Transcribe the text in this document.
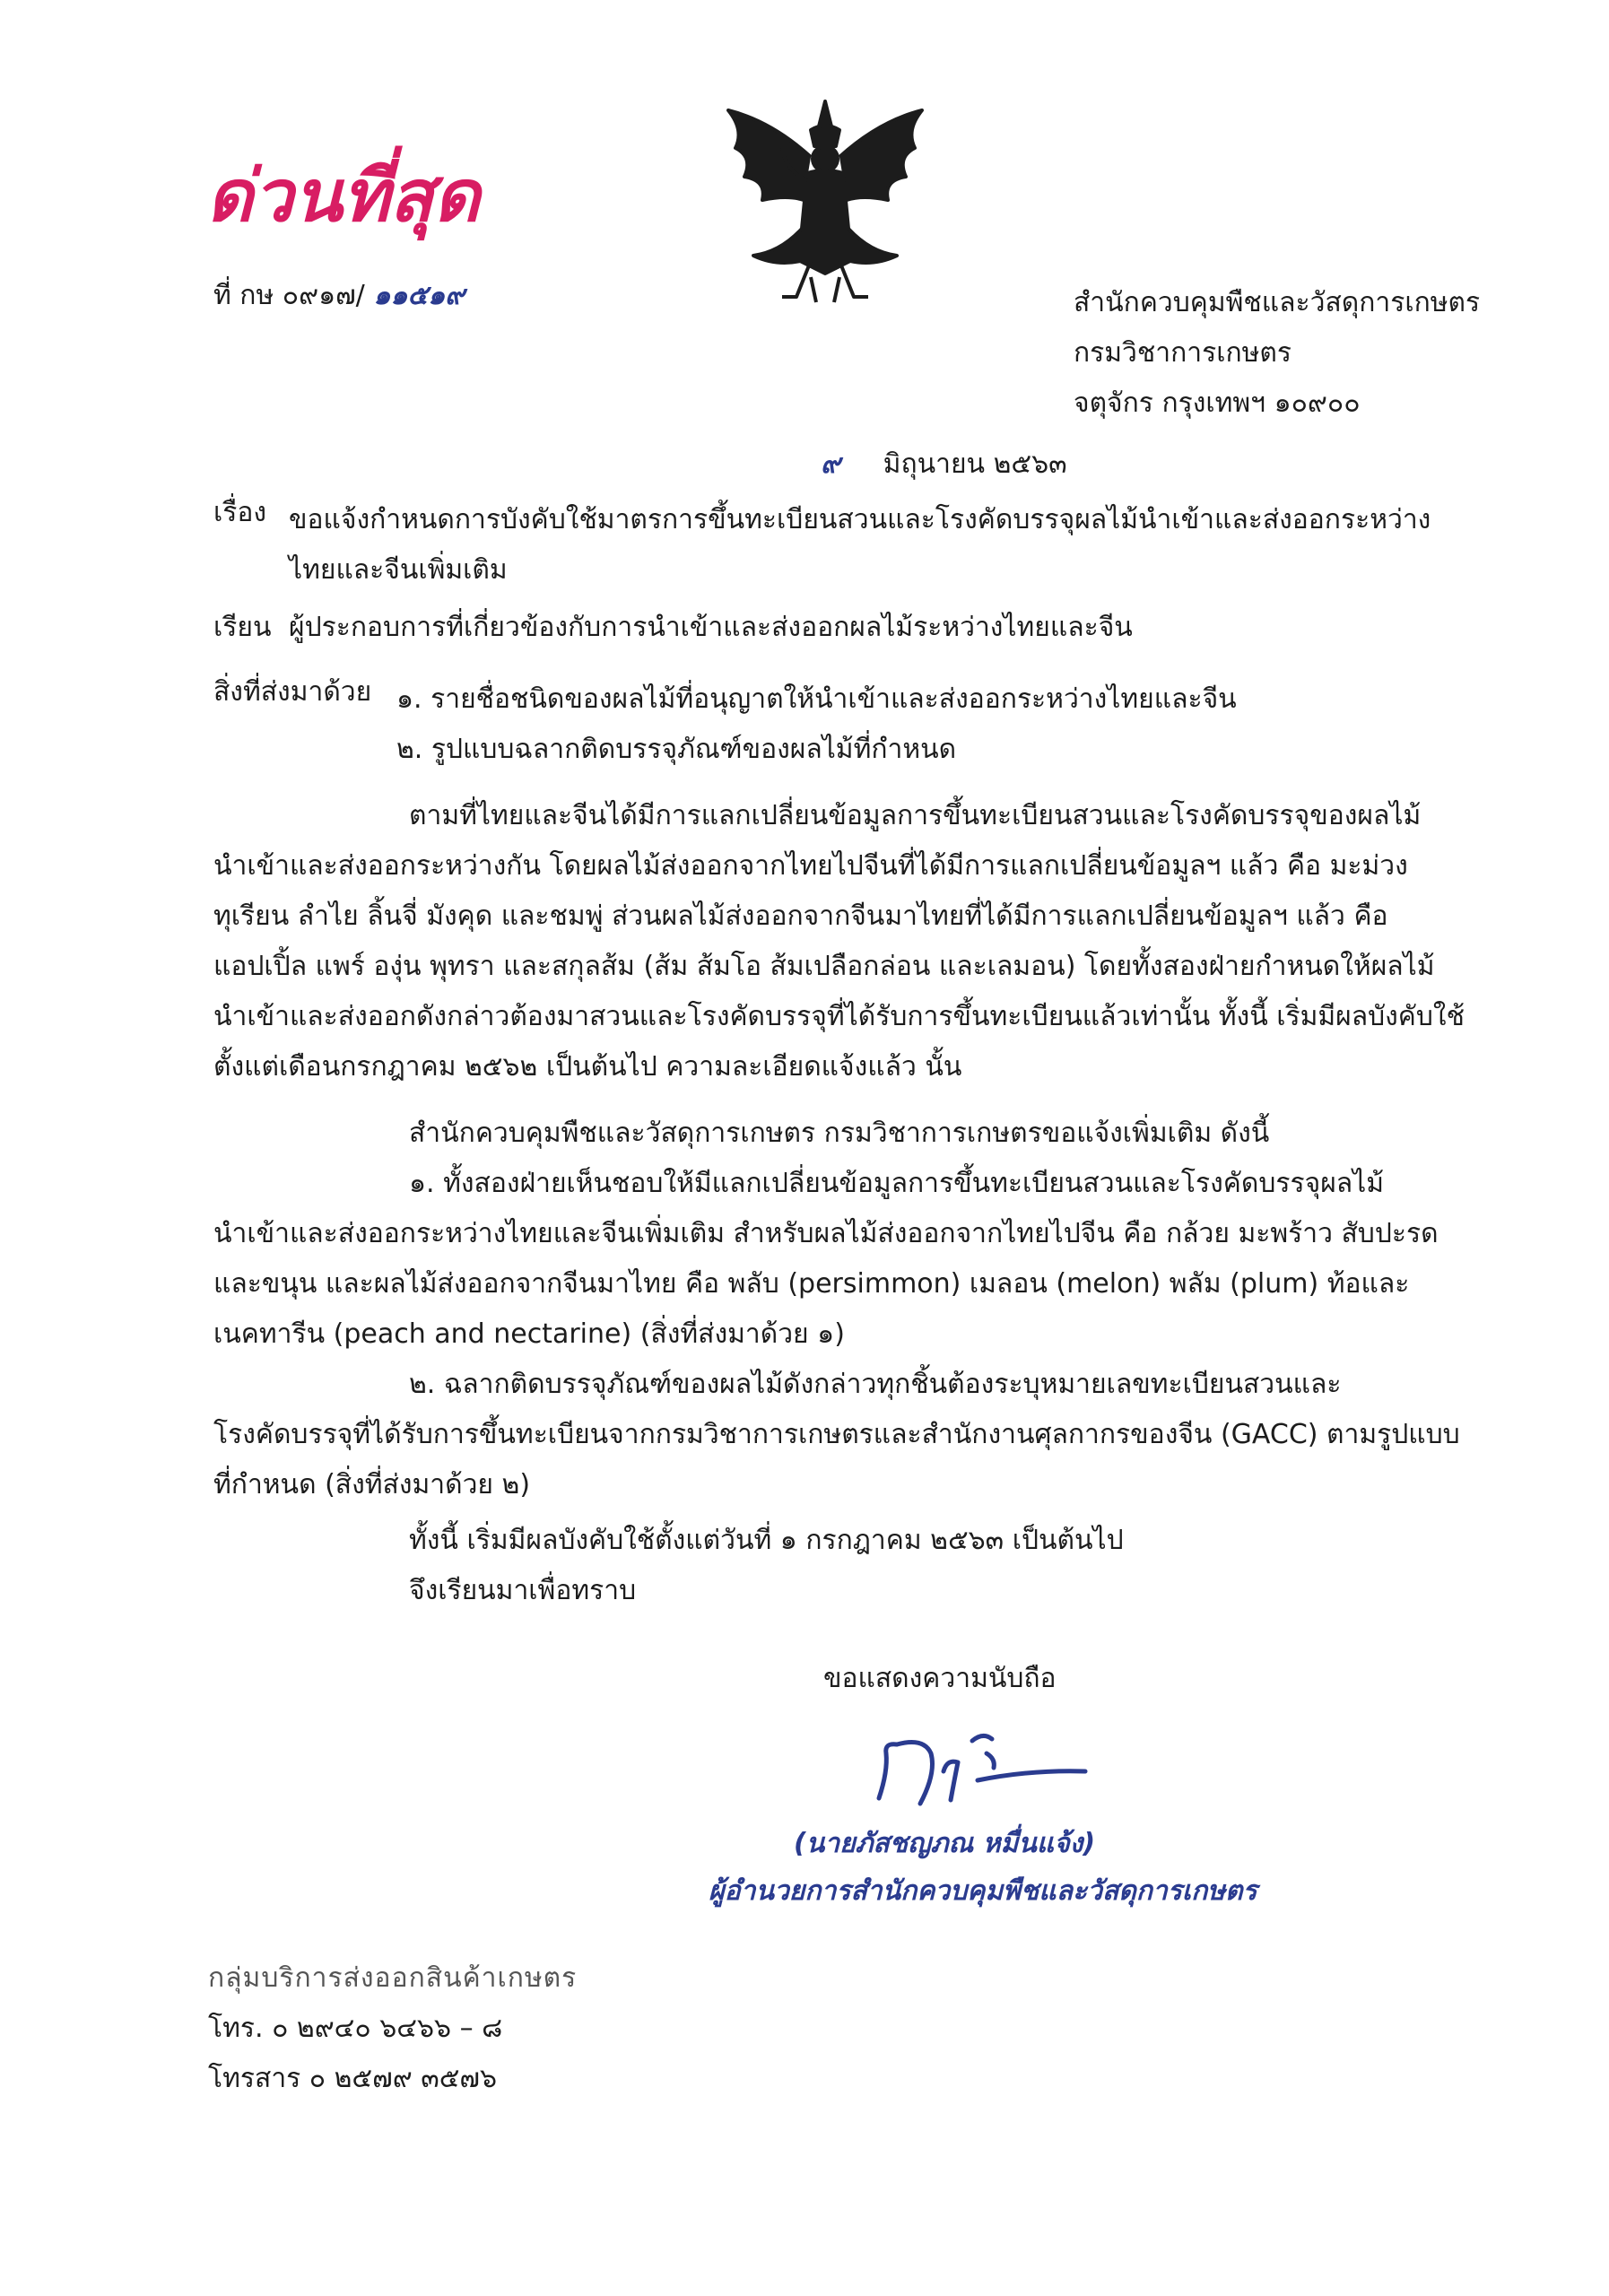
ด่วนที่สุด
ที่ กษ ๐๙๑๗/ ๑๑๕๑๙	สำนักควบคุมพืชและวัสดุการเกษตร
กรมวิชาการเกษตร
จตุจักร กรุงเทพฯ ๑๐๙๐๐
๙ มิถุนายน ๒๕๖๓
เรื่อง ขอแจ้งกำหนดการบังคับใช้มาตรการขึ้นทะเบียนสวนและโรงคัดบรรจุผลไม้นำเข้าและส่งออกระหว่าง
ไทยและจีนเพิ่มเติม
เรียน ผู้ประกอบการที่เกี่ยวข้องกับการนำเข้าและส่งออกผลไม้ระหว่างไทยและจีน
สิ่งที่ส่งมาด้วย ๑. รายชื่อชนิดของผลไม้ที่อนุญาตให้นำเข้าและส่งออกระหว่างไทยและจีน
๒. รูปแบบฉลากติดบรรจุภัณฑ์ของผลไม้ที่กำหนด
ตามที่ไทยและจีนได้มีการแลกเปลี่ยนข้อมูลการขึ้นทะเบียนสวนและโรงคัดบรรจุของผลไม้
นำเข้าและส่งออกระหว่างกัน โดยผลไม้ส่งออกจากไทยไปจีนที่ได้มีการแลกเปลี่ยนข้อมูลฯ แล้ว คือ มะม่วง
ทุเรียน ลำไย ลิ้นจี่ มังคุด และชมพู่ ส่วนผลไม้ส่งออกจากจีนมาไทยที่ได้มีการแลกเปลี่ยนข้อมูลฯ แล้ว คือ
แอปเปิ้ล แพร์ องุ่น พุทรา และสกุลส้ม (ส้ม ส้มโอ ส้มเปลือกล่อน และเลมอน) โดยทั้งสองฝ่ายกำหนดให้ผลไม้
นำเข้าและส่งออกดังกล่าวต้องมาสวนและโรงคัดบรรจุที่ได้รับการขึ้นทะเบียนแล้วเท่านั้น ทั้งนี้ เริ่มมีผลบังคับใช้
ตั้งแต่เดือนกรกฎาคม ๒๕๖๒ เป็นต้นไป ความละเอียดแจ้งแล้ว นั้น
สำนักควบคุมพืชและวัสดุการเกษตร กรมวิชาการเกษตรขอแจ้งเพิ่มเติม ดังนี้
๑. ทั้งสองฝ่ายเห็นชอบให้มีแลกเปลี่ยนข้อมูลการขึ้นทะเบียนสวนและโรงคัดบรรจุผลไม้
นำเข้าและส่งออกระหว่างไทยและจีนเพิ่มเติม สำหรับผลไม้ส่งออกจากไทยไปจีน คือ กล้วย มะพร้าว สับปะรด
และขนุน และผลไม้ส่งออกจากจีนมาไทย คือ พลับ (persimmon) เมลอน (melon) พลัม (plum) ท้อและ
เนคทารีน (peach and nectarine) (สิ่งที่ส่งมาด้วย ๑)
๒. ฉลากติดบรรจุภัณฑ์ของผลไม้ดังกล่าวทุกชิ้นต้องระบุหมายเลขทะเบียนสวนและ
โรงคัดบรรจุที่ได้รับการขึ้นทะเบียนจากกรมวิชาการเกษตรและสำนักงานศุลกากรของจีน (GACC) ตามรูปแบบ
ที่กำหนด (สิ่งที่ส่งมาด้วย ๒)
ทั้งนี้ เริ่มมีผลบังคับใช้ตั้งแต่วันที่ ๑ กรกฎาคม ๒๕๖๓ เป็นต้นไป
จึงเรียนมาเพื่อทราบ
ขอแสดงความนับถือ
(นายภัสชญภณ หมื่นแจ้ง)
ผู้อำนวยการสำนักควบคุมพืชและวัสดุการเกษตร
กลุ่มบริการส่งออกสินค้าเกษตร
โทร. ๐ ๒๙๔๐ ๖๔๖๖ – ๘
โทรสาร ๐ ๒๕๗๙ ๓๕๗๖
